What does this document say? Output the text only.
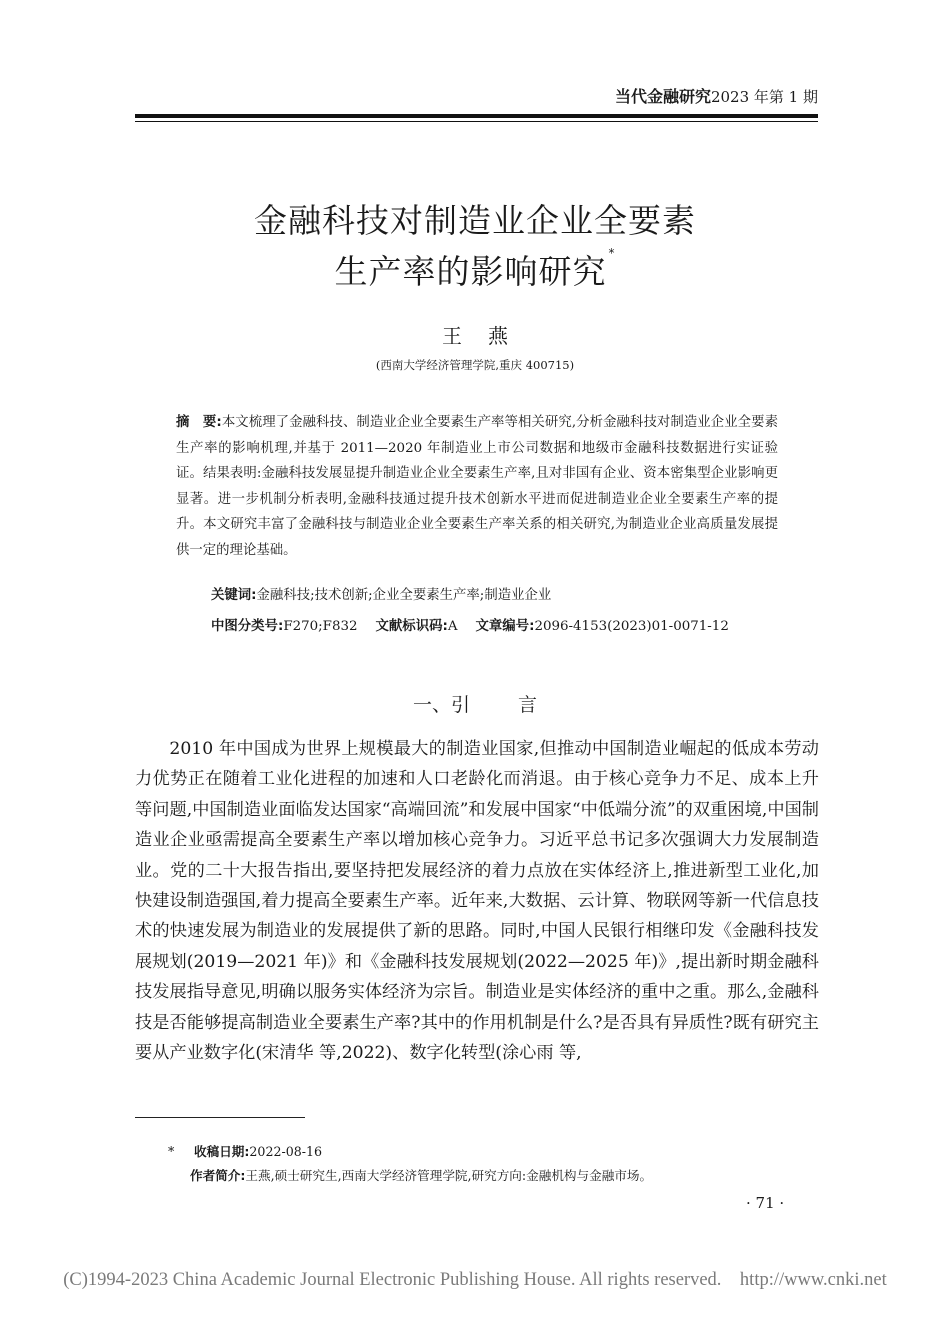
当代金融研究2023 年第 1 期
金融科技对制造业企业全要素
生产率的影响研究 *
王燕
(西南大学经济管理学院,重庆 400715)
摘　要:本文梳理了金融科技、制造业企业全要素生产率等相关研究,分析金融科技对制造业企业全要素生产率的影响机理,并基于 2011—2020 年制造业上市公司数据和地级市金融科技数据进行实证验证。结果表明:金融科技发展显提升制造业企业全要素生产率,且对非国有企业、资本密集型企业影响更显著。进一步机制分析表明,金融科技通过提升技术创新水平进而促进制造业企业全要素生产率的提升。本文研究丰富了金融科技与制造业企业全要素生产率关系的相关研究,为制造业企业高质量发展提供一定的理论基础。
关键词:金融科技;技术创新;企业全要素生产率;制造业企业
中图分类号:F270;F832 文献标识码:A 文章编号:2096-4153(2023)01-0071-12
一、引	言

2010 年中国成为世界上规模最大的制造业国家,但推动中国制造业崛起的低成本劳动力优势正在随着工业化进程的加速和人口老龄化而消退。由于核心竞争力不足、成本上升等问题,中国制造业面临发达国家“高端回流”和发展中国家“中低端分流”的双重困境,中国制造业企业亟需提高全要素生产率以增加核心竞争力。习近平总书记多次强调大力发展制造业。党的二十大报告指出,要坚持把发展经济的着力点放在实体经济上,推进新型工业化,加快建设制造强国,着力提高全要素生产率。近年来,大数据、云计算、物联网等新一代信息技术的快速发展为制造业的发展提供了新的思路。同时,中国人民银行相继印发《金融科技发展规划(2019—2021 年)》和《金融科技发展规划(2022—2025 年)》,提出新时期金融科技发展指导意见,明确以服务实体经济为宗旨。制造业是实体经济的重中之重。那么,金融科技是否能够提高制造业全要素生产率?其中的作用机制是什么?是否具有异质性?既有研究主要从产业数字化(宋清华 等,2022)、数字化转型(涂心雨 等,

* 收稿日期:2022-08-16
作者简介:王燕,硕士研究生,西南大学经济管理学院,研究方向:金融机构与金融市场。
· 71 ·
(C)1994-2023 China Academic Journal Electronic Publishing House. All rights reserved.    http://www.cnki.net
